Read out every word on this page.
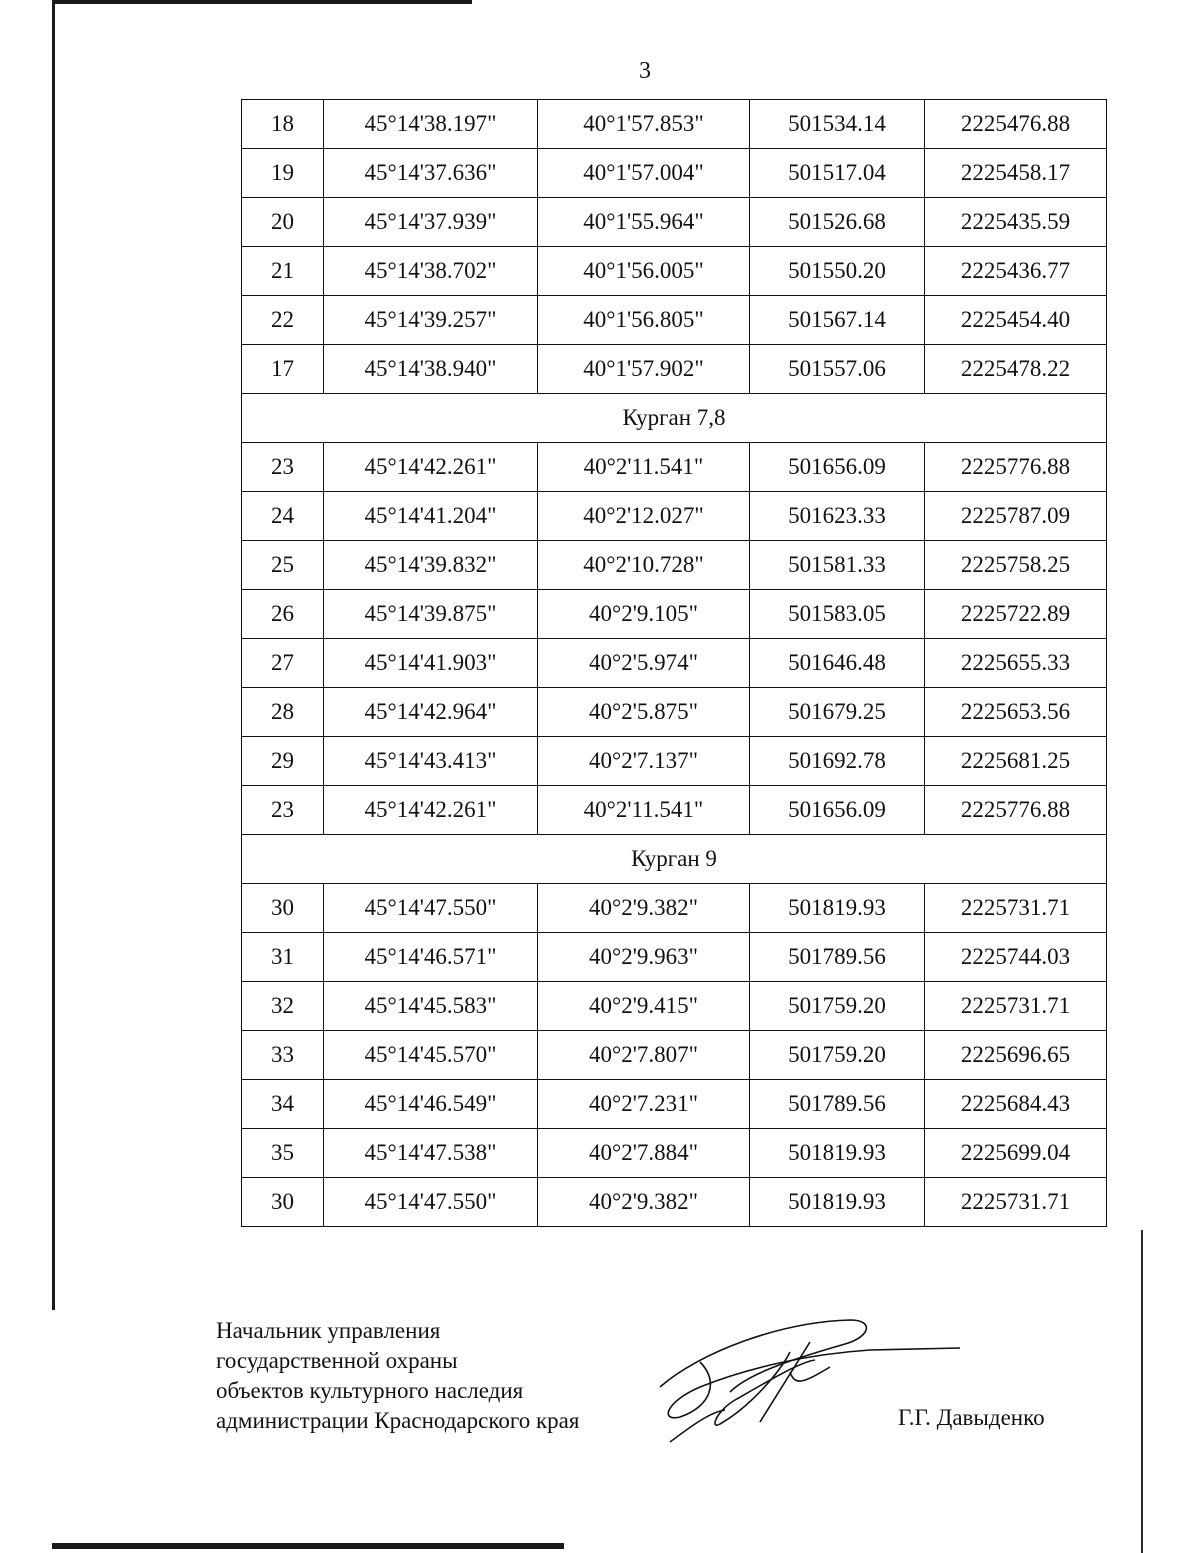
3
18	45°14'38.197"	40°1'57.853"	501534.14	2225476.88
19	45°14'37.636"	40°1'57.004"	501517.04	2225458.17
20	45°14'37.939"	40°1'55.964"	501526.68	2225435.59
21	45°14'38.702"	40°1'56.005"	501550.20	2225436.77
22	45°14'39.257"	40°1'56.805"	501567.14	2225454.40
17	45°14'38.940"	40°1'57.902"	501557.06	2225478.22
Курган 7,8				
23	45°14'42.261"	40°2'11.541"	501656.09	2225776.88
24	45°14'41.204"	40°2'12.027"	501623.33	2225787.09
25	45°14'39.832"	40°2'10.728"	501581.33	2225758.25
26	45°14'39.875"	40°2'9.105"	501583.05	2225722.89
27	45°14'41.903"	40°2'5.974"	501646.48	2225655.33
28	45°14'42.964"	40°2'5.875"	501679.25	2225653.56
29	45°14'43.413"	40°2'7.137"	501692.78	2225681.25
23	45°14'42.261"	40°2'11.541"	501656.09	2225776.88
Курган 9				
30	45°14'47.550"	40°2'9.382"	501819.93	2225731.71
31	45°14'46.571"	40°2'9.963"	501789.56	2225744.03
32	45°14'45.583"	40°2'9.415"	501759.20	2225731.71
33	45°14'45.570"	40°2'7.807"	501759.20	2225696.65
34	45°14'46.549"	40°2'7.231"	501789.56	2225684.43
35	45°14'47.538"	40°2'7.884"	501819.93	2225699.04
30	45°14'47.550"	40°2'9.382"	501819.93	2225731.71
Начальник управления
государственной охраны
объектов культурного наследия
администрации Краснодарского края	Г.Г. Давыденко
